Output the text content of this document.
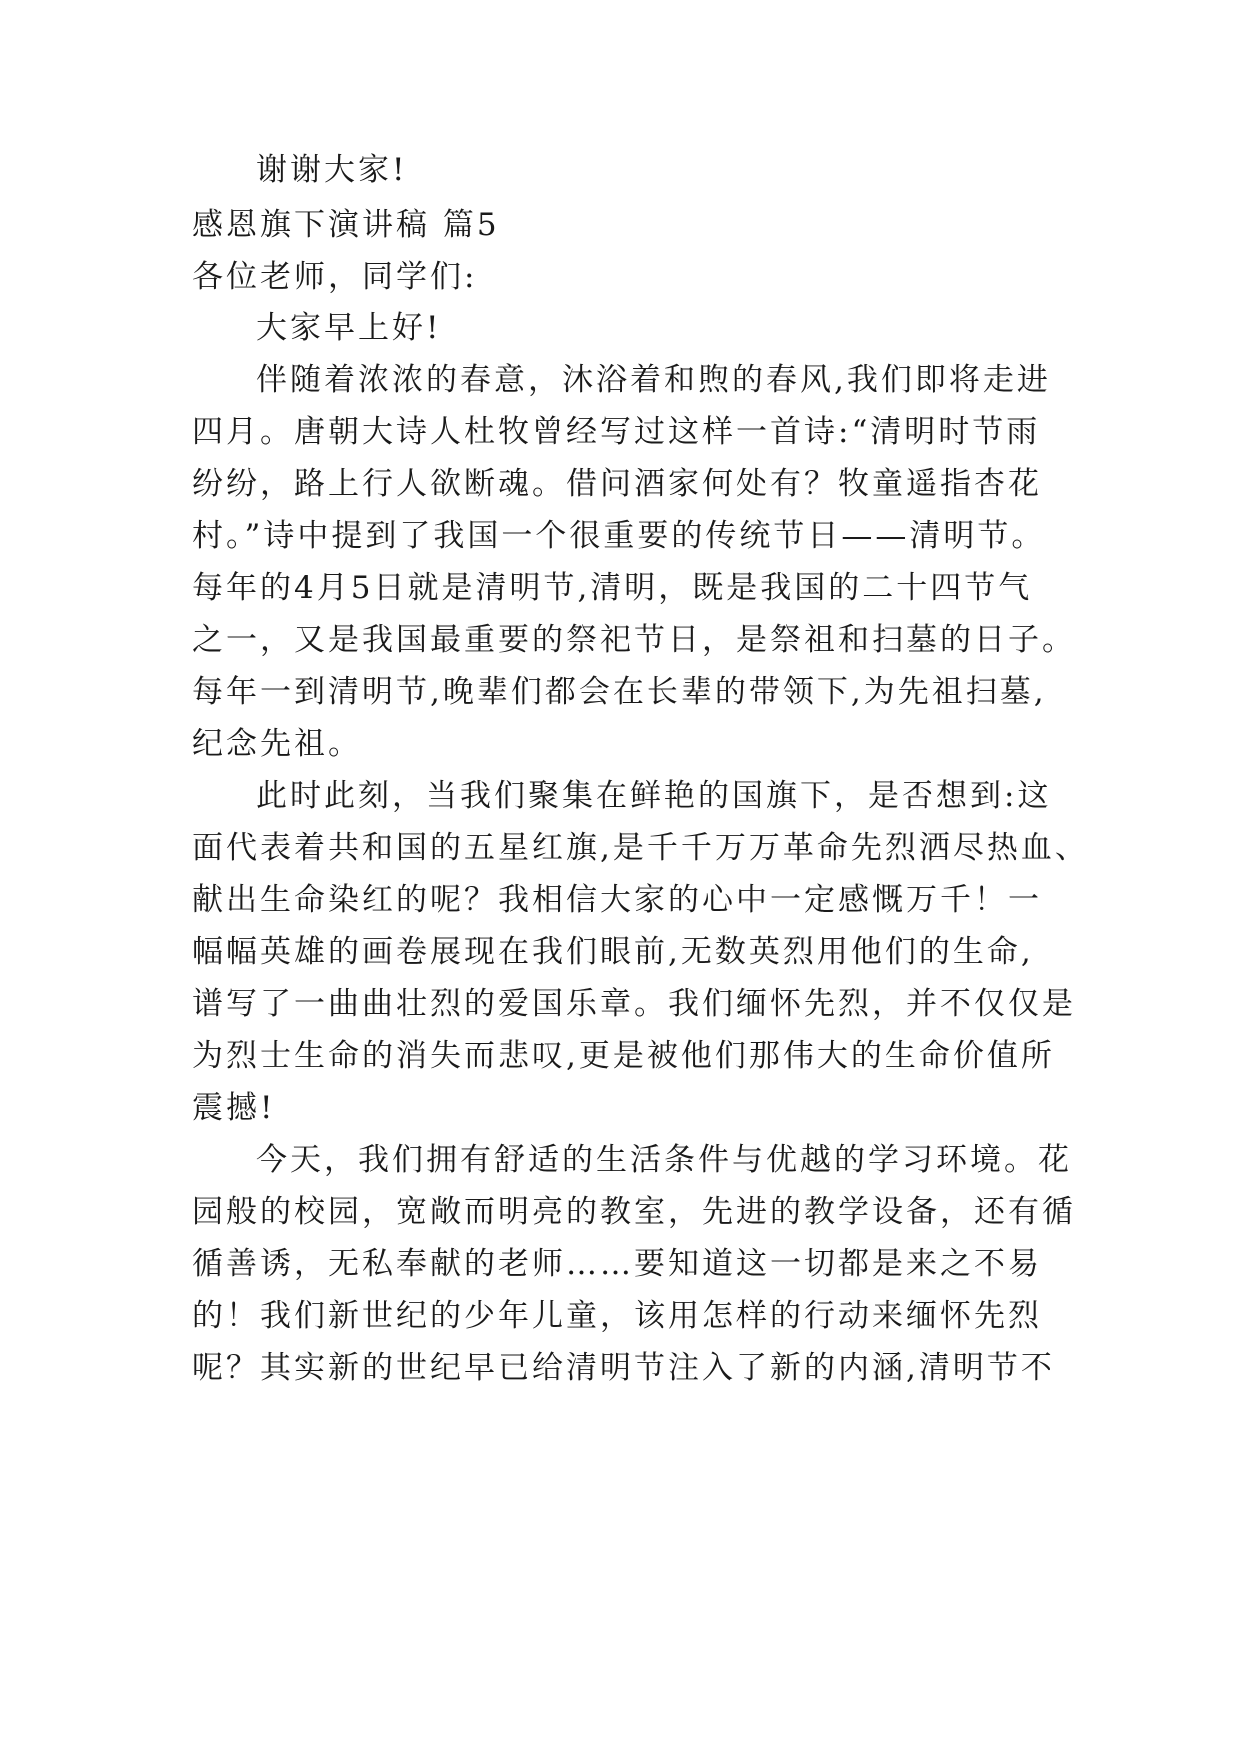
谢谢大家!
感恩旗下演讲稿 篇5
各位老师，同学们:
大家早上好!
伴随着浓浓的春意，沐浴着和煦的春风,我们即将走进
四月。唐朝大诗人杜牧曾经写过这样一首诗:“清明时节雨
纷纷，路上行人欲断魂。借问酒家何处有？牧童遥指杏花
村。”诗中提到了我国一个很重要的传统节日——清明节。
每年的4月5日就是清明节,清明，既是我国的二十四节气
之一，又是我国最重要的祭祀节日，是祭祖和扫墓的日子。
每年一到清明节,晚辈们都会在长辈的带领下,为先祖扫墓,
纪念先祖。
此时此刻，当我们聚集在鲜艳的国旗下，是否想到:这
面代表着共和国的五星红旗,是千千万万革命先烈洒尽热血、
献出生命染红的呢？我相信大家的心中一定感慨万千！一
幅幅英雄的画卷展现在我们眼前,无数英烈用他们的生命,
谱写了一曲曲壮烈的爱国乐章。我们缅怀先烈，并不仅仅是
为烈士生命的消失而悲叹,更是被他们那伟大的生命价值所
震撼!
今天，我们拥有舒适的生活条件与优越的学习环境。花
园般的校园，宽敞而明亮的教室，先进的教学设备，还有循
循善诱，无私奉献的老师……要知道这一切都是来之不易
的！我们新世纪的少年儿童，该用怎样的行动来缅怀先烈
呢？其实新的世纪早已给清明节注入了新的内涵,清明节不
